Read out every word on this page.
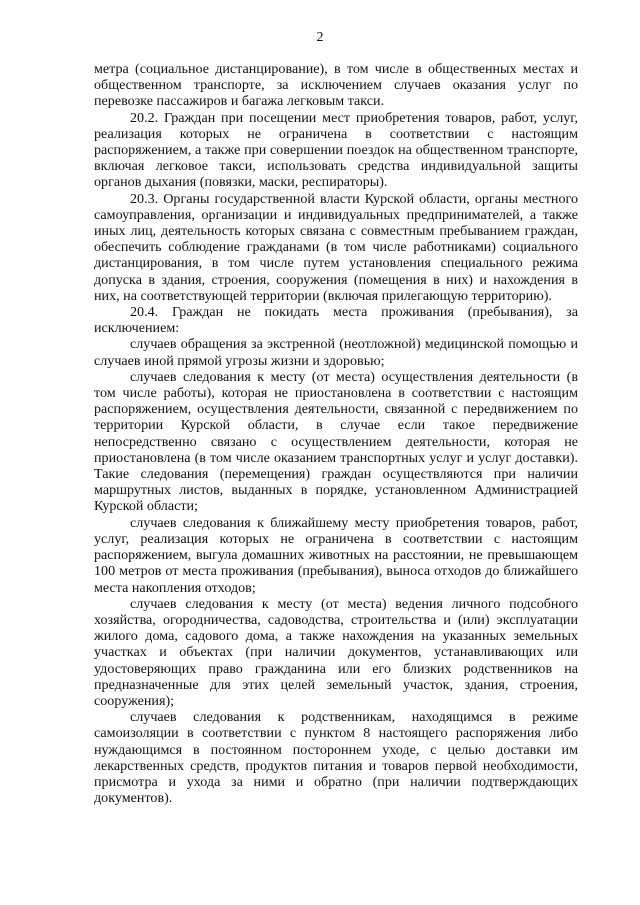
2

метра (социальное дистанцирование), в том числе в общественных местах и общественном транспорте, за исключением случаев оказания услуг по перевозке пассажиров и багажа легковым такси.

20.2. Граждан при посещении мест приобретения товаров, работ, услуг, реализация которых не ограничена в соответствии с настоящим распоряжением, а также при совершении поездок на общественном транспорте, включая легковое такси, использовать средства индивидуальной защиты органов дыхания (повязки, маски, респираторы).

20.3. Органы государственной власти Курской области, органы местного самоуправления, организации и индивидуальных предпринимателей, а также иных лиц, деятельность которых связана с совместным пребыванием граждан, обеспечить соблюдение гражданами (в том числе работниками) социального дистанцирования, в том числе путем установления специального режима допуска в здания, строения, сооружения (помещения в них) и нахождения в них, на соответствующей территории (включая прилегающую территорию).

20.4. Граждан не покидать места проживания (пребывания), за исключением:

случаев обращения за экстренной (неотложной) медицинской помощью и случаев иной прямой угрозы жизни и здоровью;

случаев следования к месту (от места) осуществления деятельности (в том числе работы), которая не приостановлена в соответствии с настоящим распоряжением, осуществления деятельности, связанной с передвижением по территории Курской области, в случае если такое передвижение непосредственно связано с осуществлением деятельности, которая не приостановлена (в том числе оказанием транспортных услуг и услуг доставки). Такие следования (перемещения) граждан осуществляются при наличии маршрутных листов, выданных в порядке, установленном Администрацией Курской области;

случаев следования к ближайшему месту приобретения товаров, работ, услуг, реализация которых не ограничена в соответствии с настоящим распоряжением, выгула домашних животных на расстоянии, не превышающем 100 метров от места проживания (пребывания), выноса отходов до ближайшего места накопления отходов;

случаев следования к месту (от места) ведения личного подсобного хозяйства, огородничества, садоводства, строительства и (или) эксплуатации жилого дома, садового дома, а также нахождения на указанных земельных участках и объектах (при наличии документов, устанавливающих или удостоверяющих право гражданина или его близких родственников на предназначенные для этих целей земельный участок, здания, строения, сооружения);

случаев следования к родственникам, находящимся в режиме самоизоляции в соответствии с пунктом 8 настоящего распоряжения либо нуждающимся в постоянном постороннем уходе, с целью доставки им лекарственных средств, продуктов питания и товаров первой необходимости, присмотра и ухода за ними и обратно (при наличии подтверждающих документов).
